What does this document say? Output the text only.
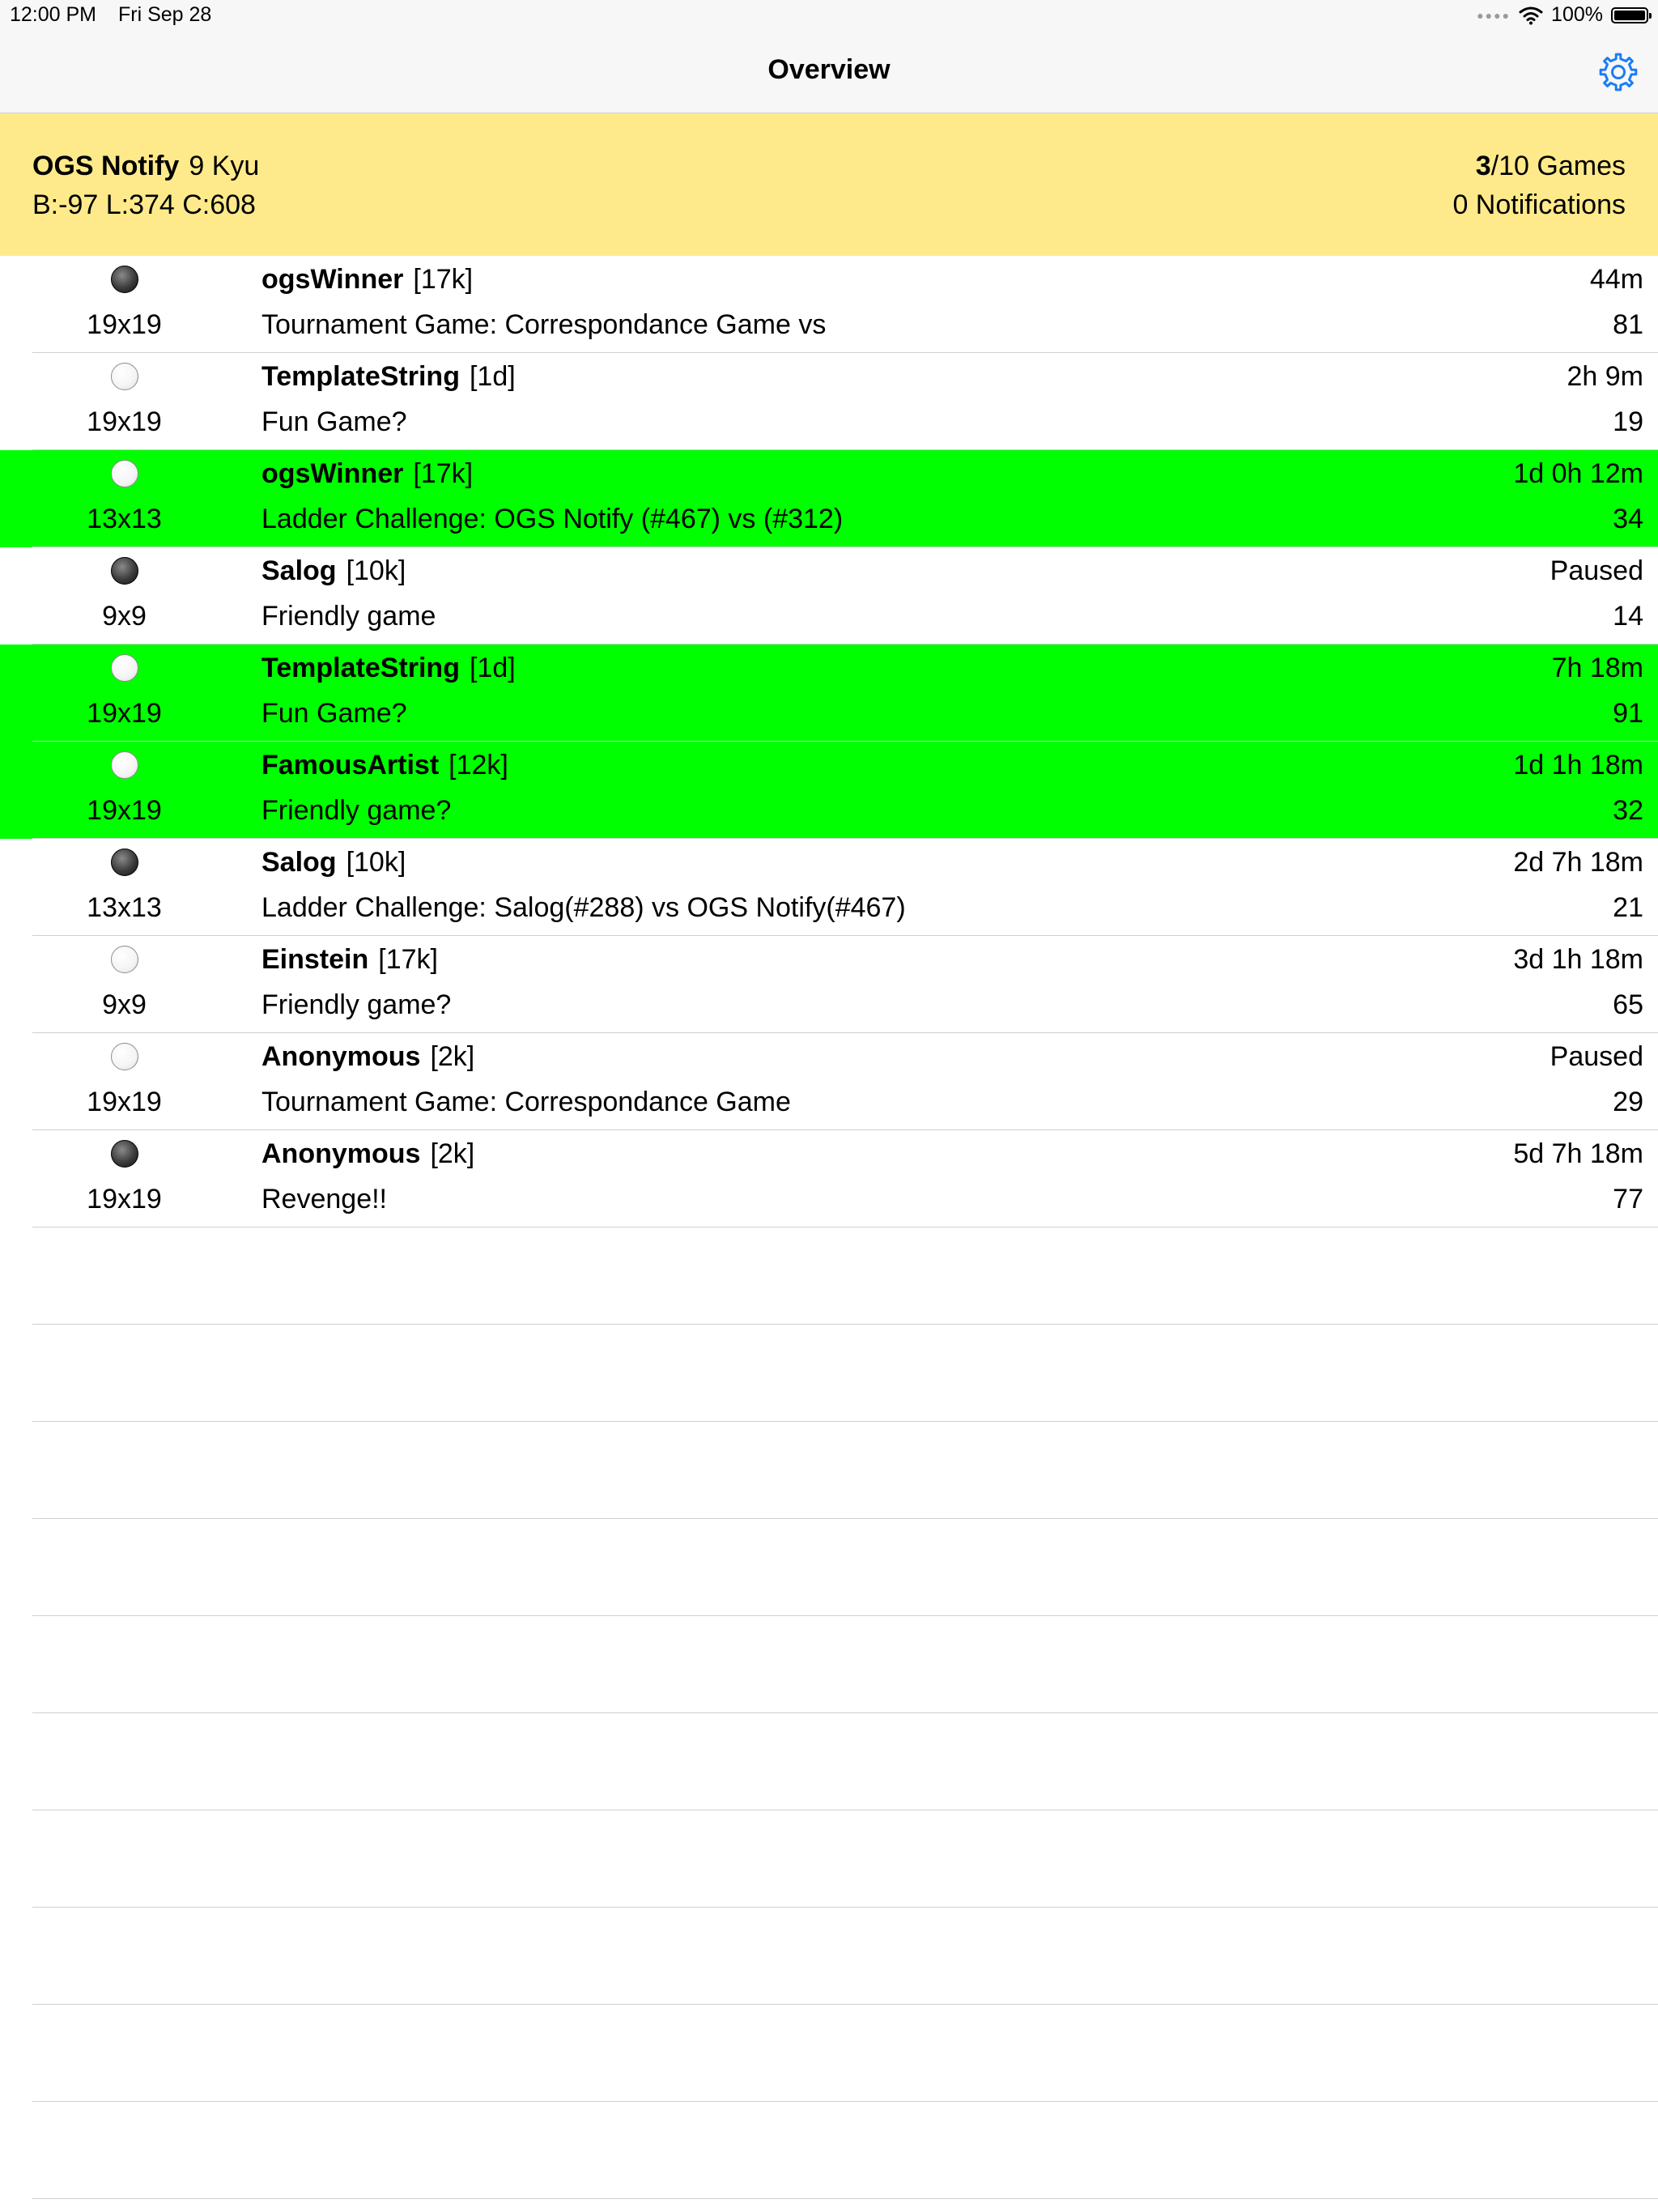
12:00 PM Fri Sep 28	●●●● 100%
Overview
OGS Notify 9 Kyu
B:-97 L:374 C:608
3/10 Games
0 Notifications
19x19
ogsWinner [17k]
Tournament Game: Correspondance Game vs
44m
81
19x19
TemplateString [1d]
Fun Game?
2h 9m
19
13x13
ogsWinner [17k]
Ladder Challenge: OGS Notify (#467) vs (#312)
1d 0h 12m
34
9x9
Salog [10k]
Friendly game
Paused
14
19x19
TemplateString [1d]
Fun Game?
7h 18m
91
19x19
FamousArtist [12k]
Friendly game?
1d 1h 18m
32
13x13
Salog [10k]
Ladder Challenge: Salog(#288) vs OGS Notify(#467)
2d 7h 18m
21
9x9
Einstein [17k]
Friendly game?
3d 1h 18m
65
19x19
Anonymous [2k]
Tournament Game: Correspondance Game
Paused
29
19x19
Anonymous [2k]
Revenge!!
5d 7h 18m
77
